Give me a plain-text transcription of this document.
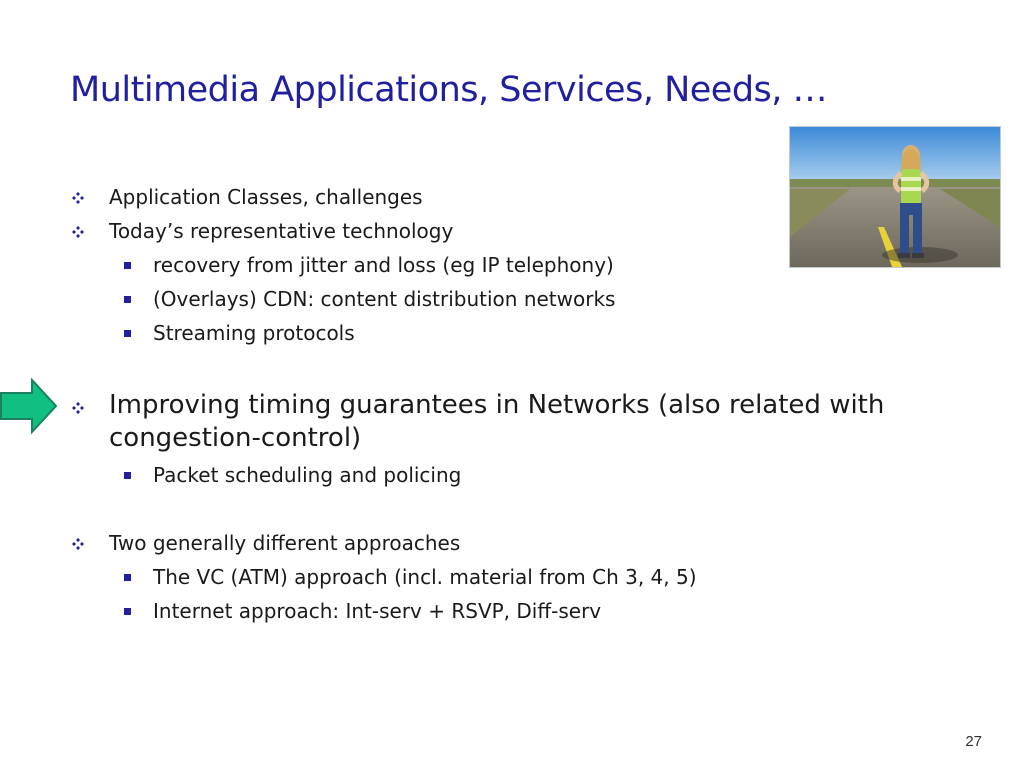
Multimedia Applications, Services, Needs, …
Application Classes, challenges
Today’s representative technology
recovery from jitter and loss (eg IP telephony)
(Overlays) CDN: content distribution networks
Streaming protocols
Improving timing guarantees in Networks (also related with
congestion-control)
Packet scheduling and policing
Two generally different approaches
The VC (ATM) approach (incl. material from Ch 3, 4, 5)
Internet approach: Int-serv + RSVP, Diff-serv
27
